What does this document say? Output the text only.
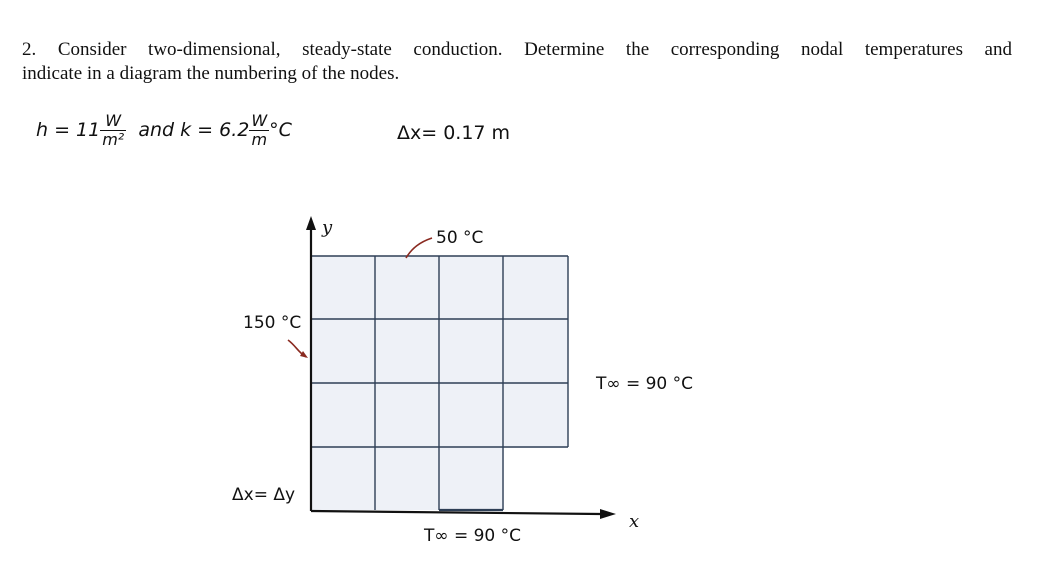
2. Consider two-dimensional, steady-state conduction. Determine the corresponding nodal temperatures and
indicate in a diagram the numbering of the nodes.
$h = 11 \frac{W}{\text{m²}}$ and $k = 6.2 \frac{W}{m} ^\circ C$	Δx= 0.17 m
y
x
50 °C
150 °C
T∞ = 90 °C
T∞ = 90 °C
Δx= Δy
